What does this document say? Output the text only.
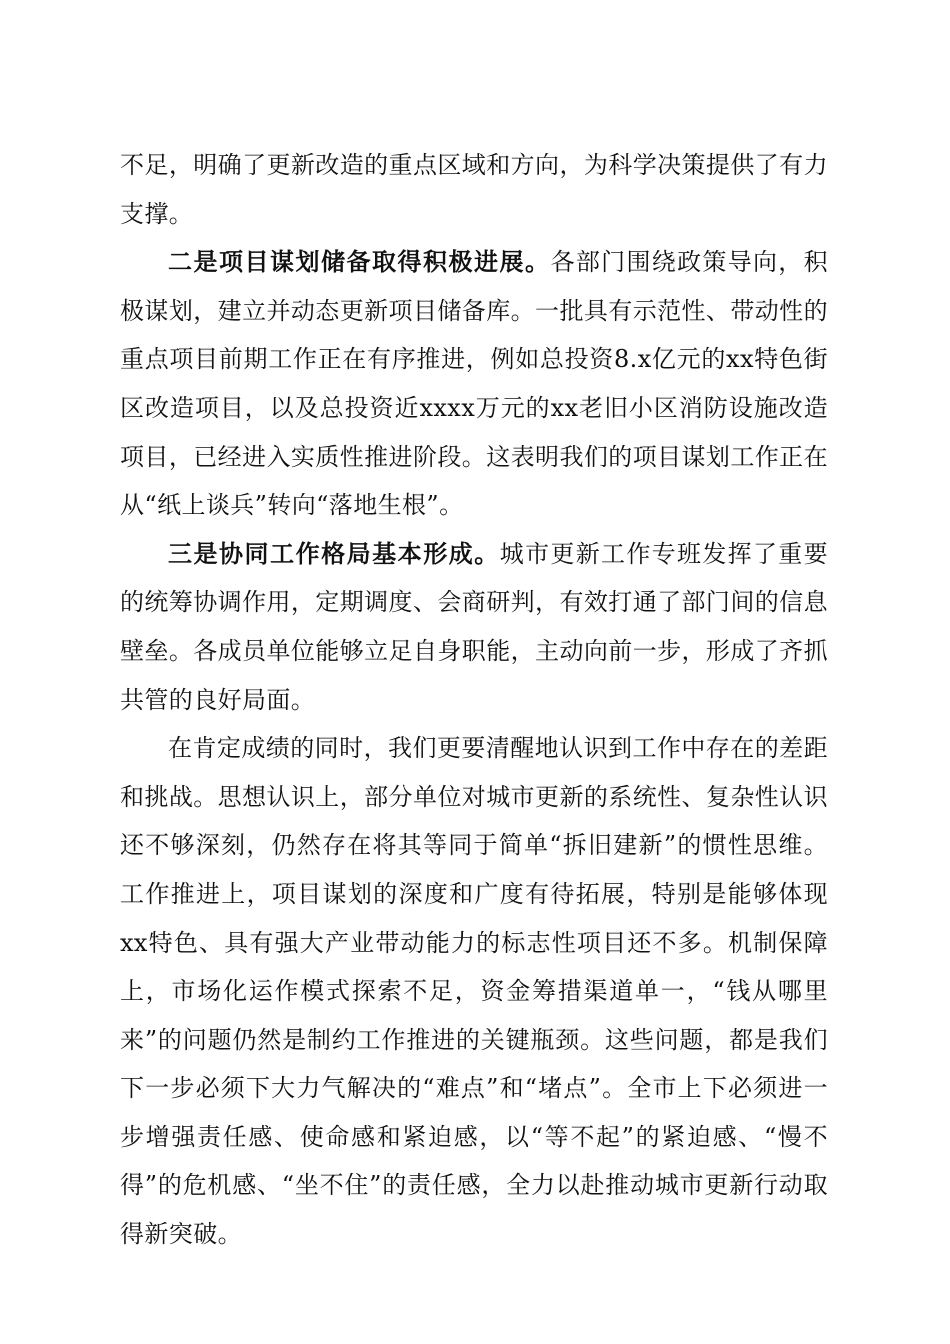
不足，明确了更新改造的重点区域和方向，为科学决策提供了有力支撑。

二是项目谋划储备取得积极进展。各部门围绕政策导向，积极谋划，建立并动态更新项目储备库。一批具有示范性、带动性的重点项目前期工作正在有序推进，例如总投资8.x亿元的xx特色街区改造项目，以及总投资近xxxx万元的xx老旧小区消防设施改造项目，已经进入实质性推进阶段。这表明我们的项目谋划工作正在从“纸上谈兵”转向“落地生根”。

三是协同工作格局基本形成。城市更新工作专班发挥了重要的统筹协调作用，定期调度、会商研判，有效打通了部门间的信息壁垒。各成员单位能够立足自身职能，主动向前一步，形成了齐抓共管的良好局面。

在肯定成绩的同时，我们更要清醒地认识到工作中存在的差距和挑战。思想认识上，部分单位对城市更新的系统性、复杂性认识还不够深刻，仍然存在将其等同于简单“拆旧建新”的惯性思维。工作推进上，项目谋划的深度和广度有待拓展，特别是能够体现xx特色、具有强大产业带动能力的标志性项目还不多。机制保障上，市场化运作模式探索不足，资金筹措渠道单一，“钱从哪里来”的问题仍然是制约工作推进的关键瓶颈。这些问题，都是我们下一步必须下大力气解决的“难点”和“堵点”。全市上下必须进一步增强责任感、使命感和紧迫感，以“等不起”的紧迫感、“慢不得”的危机感、“坐不住”的责任感，全力以赴推动城市更新行动取得新突破。
